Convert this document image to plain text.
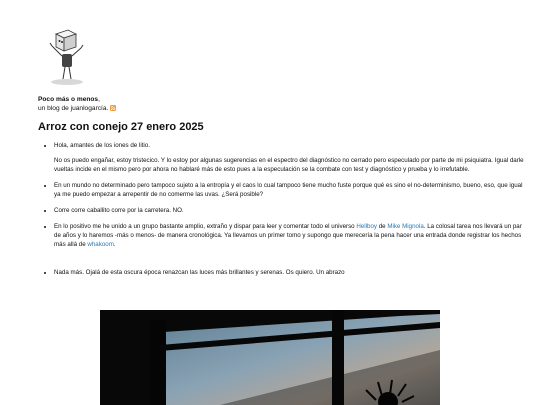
Poco más o menos,
un blog de juanlogarcía.
Arroz con conejo 27 enero 2025

• Hola, amantes de los iones de litio.

No os puedo engañar, estoy tristecico. Y lo estoy por algunas sugerencias en el espectro del diagnóstico no cerrado pero especulado por parte de mi psiquiatra. Igual darle vueltas incide en el mismo pero por ahora no hablaré más de esto pues a la especulación se la combate con test y diagnóstico y prueba y lo irrefutable.

• En un mundo no determinado pero tampoco sujeto a la entropía y el caos lo cual tampoco tiene mucho fuste porque qué es sino el no-determinismo, bueno, eso, que igual ya me puedo empezar a arrepentir de no comerme las uvas. ¿Será posible?
• Corre corre caballito corre por la carretera. NO.
• En lo positivo me he unido a un grupo bastante amplio, extraño y dispar para leer y comentar todo el universo Hellboy de Mike Mignola. La colosal tarea nos llevará un par de años y lo haremos -más o menos- de manera cronológica. Ya llevamos un primer tomo y supongo que merecería la pena hacer una entrada donde registrar los hechos más allá de whakoom.
• Nada más. Ojalá de esta oscura época renazcan las luces más brillantes y serenas. Os quiero. Un abrazo
